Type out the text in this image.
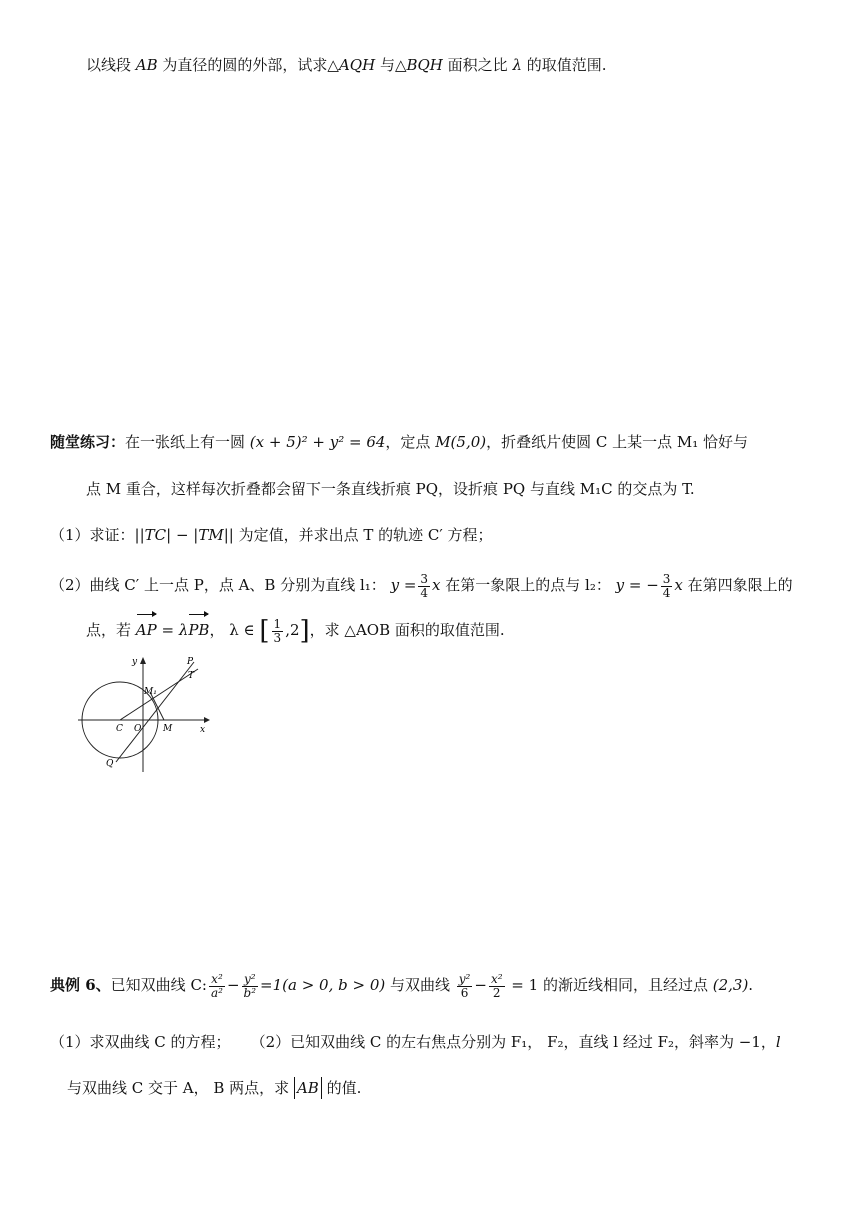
以线段 AB 为直径的圆的外部，试求△AQH 与△BQH 面积之比 λ 的取值范围.
随堂练习：在一张纸上有一圆 (x + 5)² + y² = 64，定点 M(5,0)，折叠纸片使圆 C 上某一点 M₁ 恰好与
点 M 重合，这样每次折叠都会留下一条直线折痕 PQ，设折痕 PQ 与直线 M₁C 的交点为 T.
（1）求证：||TC| − |TM|| 为定值，并求出点 T 的轨迹 C′ 方程；
（2）曲线 C′ 上一点 P，点 A、B 分别为直线 l₁： $y = \frac{3}{4}$ x 在第一象限上的点与 l₂： y = − $\frac{3}{4}$ x 在第四象限上的
点，若 AP = λPB， λ ∈ [ $\frac{1}{3} ,2$]，求 △AOB 面积的取值范围.
y
x
P
T
M₁
C O M
Q
典例 6、已知双曲线 C: $\frac{\text{x²}}{\text{a²}} - \frac{\text{y²}}{\text{b²}} =1(a > 0$, b > 0) 与双曲线 $\frac{\text{y²}}{6} - \frac{\text{x²}}{2} = 1$ 的渐近线相同，且经过点 (2,3).
（1）求双曲线 C 的方程； （2）已知双曲线 C 的左右焦点分别为 F₁， F₂，直线 l 经过 F₂，斜率为 −1，l
与双曲线 C 交于 A， B 两点，求 AB 的值.
